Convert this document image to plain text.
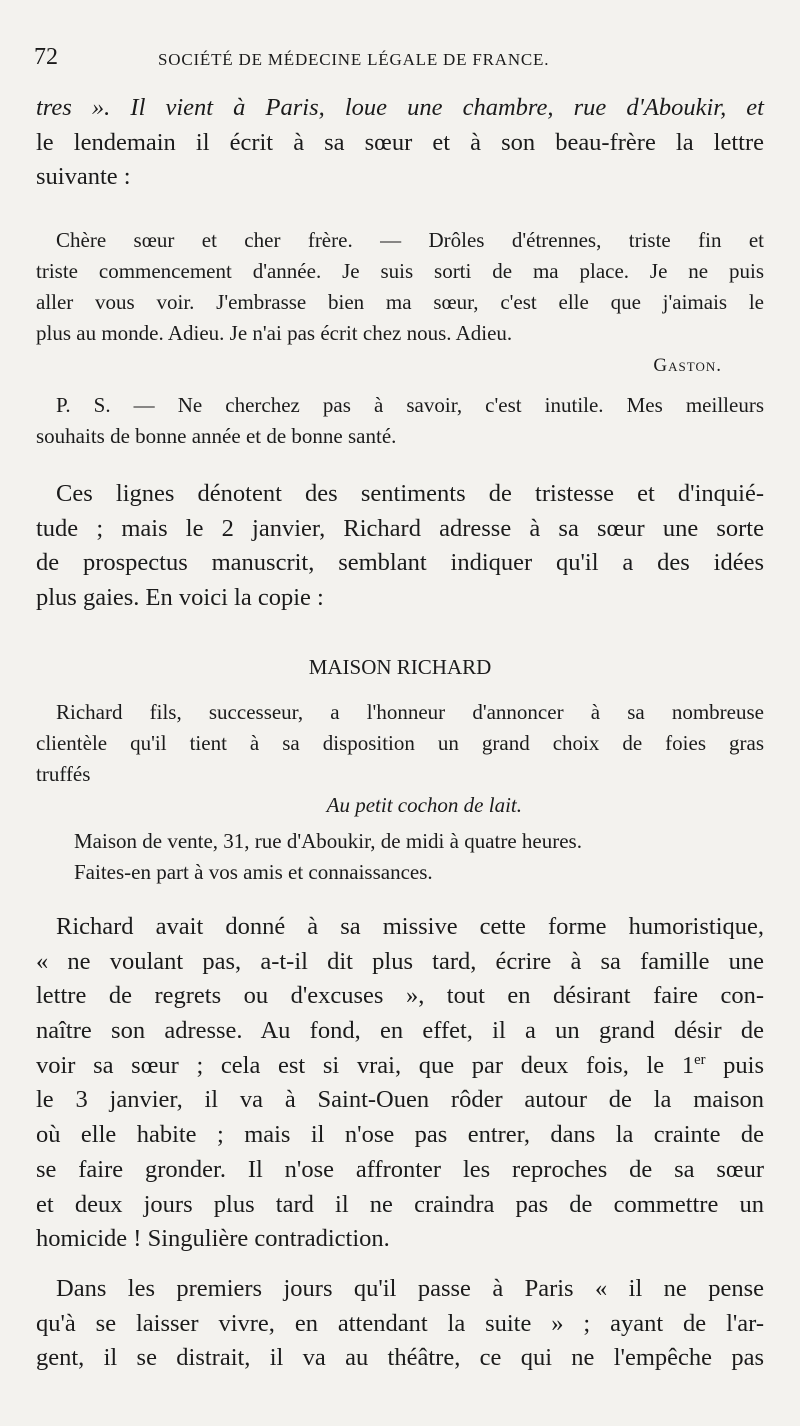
72	SOCIÉTÉ DE MÉDECINE LÉGALE DE FRANCE.
tres ». Il vient à Paris, loue une chambre, rue d'Aboukir, et
le lendemain il écrit à sa sœur et à son beau-frère la lettre
suivante :
Chère sœur et cher frère. — Drôles d'étrennes, triste fin et
triste commencement d'année. Je suis sorti de ma place. Je ne puis
aller vous voir. J'embrasse bien ma sœur, c'est elle que j'aimais le
plus au monde. Adieu. Je n'ai pas écrit chez nous. Adieu.
Gaston.
P. S. — Ne cherchez pas à savoir, c'est inutile. Mes meilleurs
souhaits de bonne année et de bonne santé.
Ces lignes dénotent des sentiments de tristesse et d'inquié-
tude ; mais le 2 janvier, Richard adresse à sa sœur une sorte
de prospectus manuscrit, semblant indiquer qu'il a des idées
plus gaies. En voici la copie :
MAISON RICHARD
Richard fils, successeur, a l'honneur d'annoncer à sa nombreuse
clientèle qu'il tient à sa disposition un grand choix de foies gras
truffés
Au petit cochon de lait.
Maison de vente, 31, rue d'Aboukir, de midi à quatre heures.
Faites-en part à vos amis et connaissances.
Richard avait donné à sa missive cette forme humoristique,
« ne voulant pas, a-t-il dit plus tard, écrire à sa famille une
lettre de regrets ou d'excuses », tout en désirant faire con-
naître son adresse. Au fond, en effet, il a un grand désir de
voir sa sœur ; cela est si vrai, que par deux fois, le 1er puis
le 3 janvier, il va à Saint-Ouen rôder autour de la maison
où elle habite ; mais il n'ose pas entrer, dans la crainte de
se faire gronder. Il n'ose affronter les reproches de sa sœur
et deux jours plus tard il ne craindra pas de commettre un
homicide ! Singulière contradiction.
Dans les premiers jours qu'il passe à Paris « il ne pense
qu'à se laisser vivre, en attendant la suite » ; ayant de l'ar-
gent, il se distrait, il va au théâtre, ce qui ne l'empêche pas
